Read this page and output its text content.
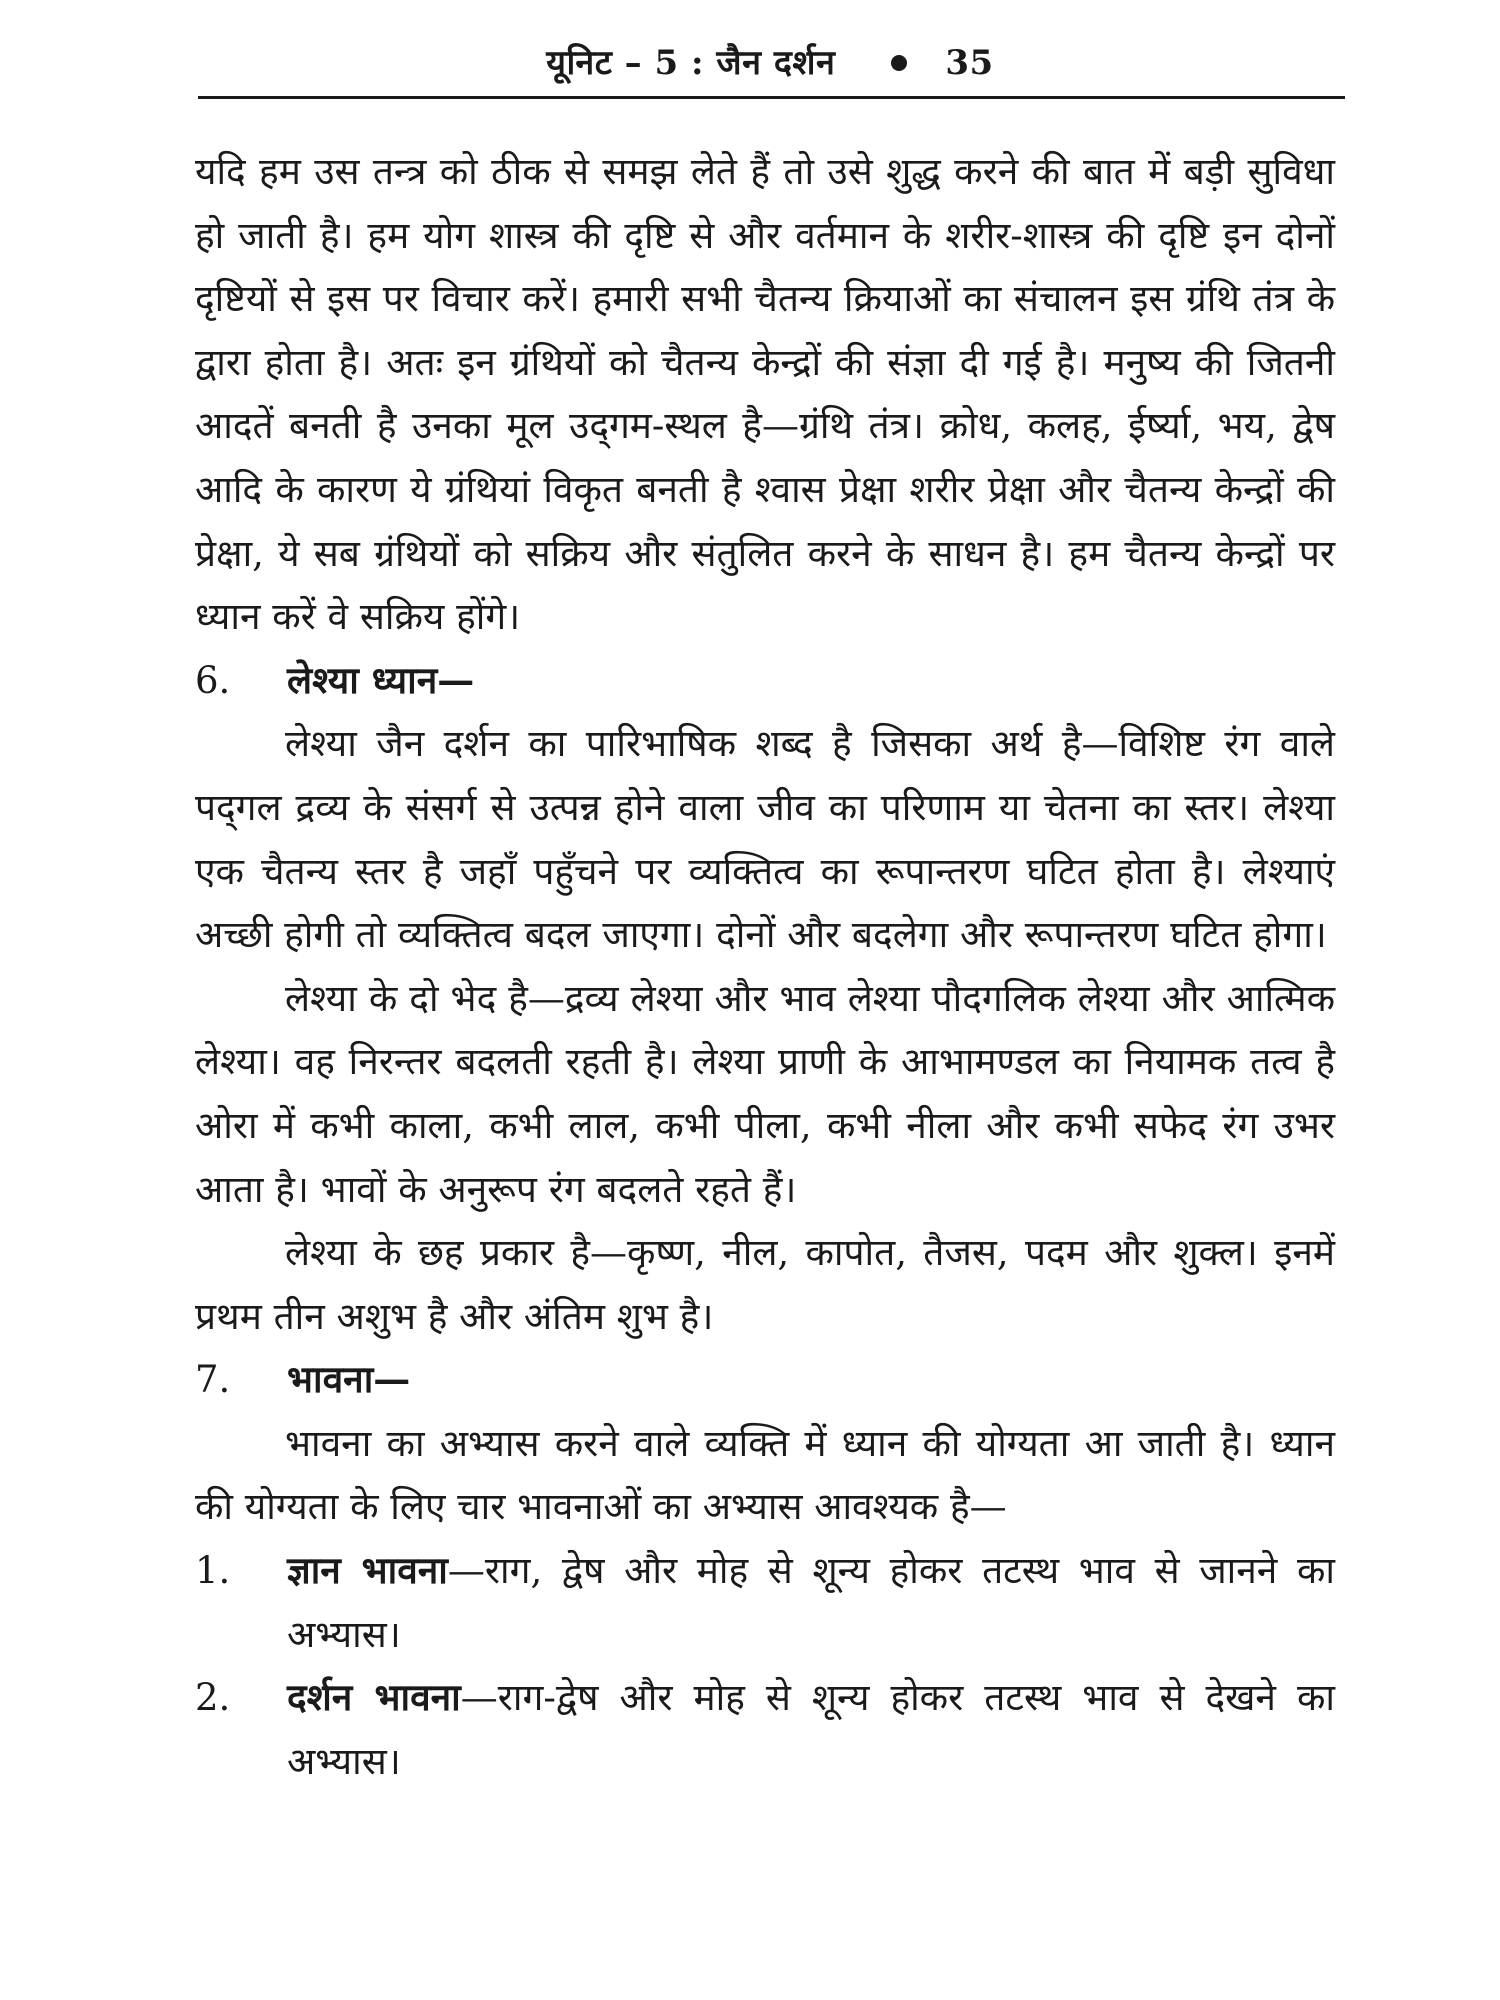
यूनिट – 5 : जैन दर्शन	35

यदि हम उस तन्त्र को ठीक से समझ लेते हैं तो उसे शुद्ध करने की बात में बड़ी सुविधा हो जाती है। हम योग शास्त्र की दृष्टि से और वर्तमान के शरीर-शास्त्र की दृष्टि इन दोनों दृष्टियों से इस पर विचार करें। हमारी सभी चैतन्य क्रियाओं का संचालन इस ग्रंथि तंत्र के द्वारा होता है। अतः इन ग्रंथियों को चैतन्य केन्द्रों की संज्ञा दी गई है। मनुष्य की जितनी आदतें बनती है उनका मूल उद्‌गम-स्थल है—ग्रंथि तंत्र। क्रोध, कलह, ईर्ष्या, भय, द्वेष आदि के कारण ये ग्रंथियां विकृत बनती है श्वास प्रेक्षा शरीर प्रेक्षा और चैतन्य केन्द्रों की प्रेक्षा, ये सब ग्रंथियों को सक्रिय और संतुलित करने के साधन है। हम चैतन्य केन्द्रों पर ध्यान करें वे सक्रिय होंगे।

6.	लेश्या ध्यान—

लेश्या जैन दर्शन का पारिभाषिक शब्द है जिसका अर्थ है—विशिष्ट रंग वाले पद्‌गल द्रव्य के संसर्ग से उत्पन्न होने वाला जीव का परिणाम या चेतना का स्तर। लेश्या एक चैतन्य स्तर है जहाँ पहुँचने पर व्यक्तित्व का रूपान्तरण घटित होता है। लेश्याएं अच्छी होगी तो व्यक्तित्व बदल जाएगा। दोनों और बदलेगा और रूपान्तरण घटित होगा।

लेश्या के दो भेद है—द्रव्य लेश्या और भाव लेश्या पौदगलिक लेश्या और आत्मिक लेश्या। वह निरन्तर बदलती रहती है। लेश्या प्राणी के आभामण्डल का नियामक तत्व है ओरा में कभी काला, कभी लाल, कभी पीला, कभी नीला और कभी सफेद रंग उभर आता है। भावों के अनुरूप रंग बदलते रहते हैं।

लेश्या के छह प्रकार है—कृष्ण, नील, कापोत, तैजस, पदम और शुक्ल। इनमें प्रथम तीन अशुभ है और अंतिम शुभ है।

7.	भावना—

भावना का अभ्यास करने वाले व्यक्ति में ध्यान की योग्यता आ जाती है। ध्यान की योग्यता के लिए चार भावनाओं का अभ्यास आवश्यक है—

1.	ज्ञान भावना—राग, द्वेष और मोह से शून्य होकर तटस्थ भाव से जानने का अभ्यास।
2.	दर्शन भावना—राग-द्वेष और मोह से शून्य होकर तटस्थ भाव से देखने का अभ्यास।
